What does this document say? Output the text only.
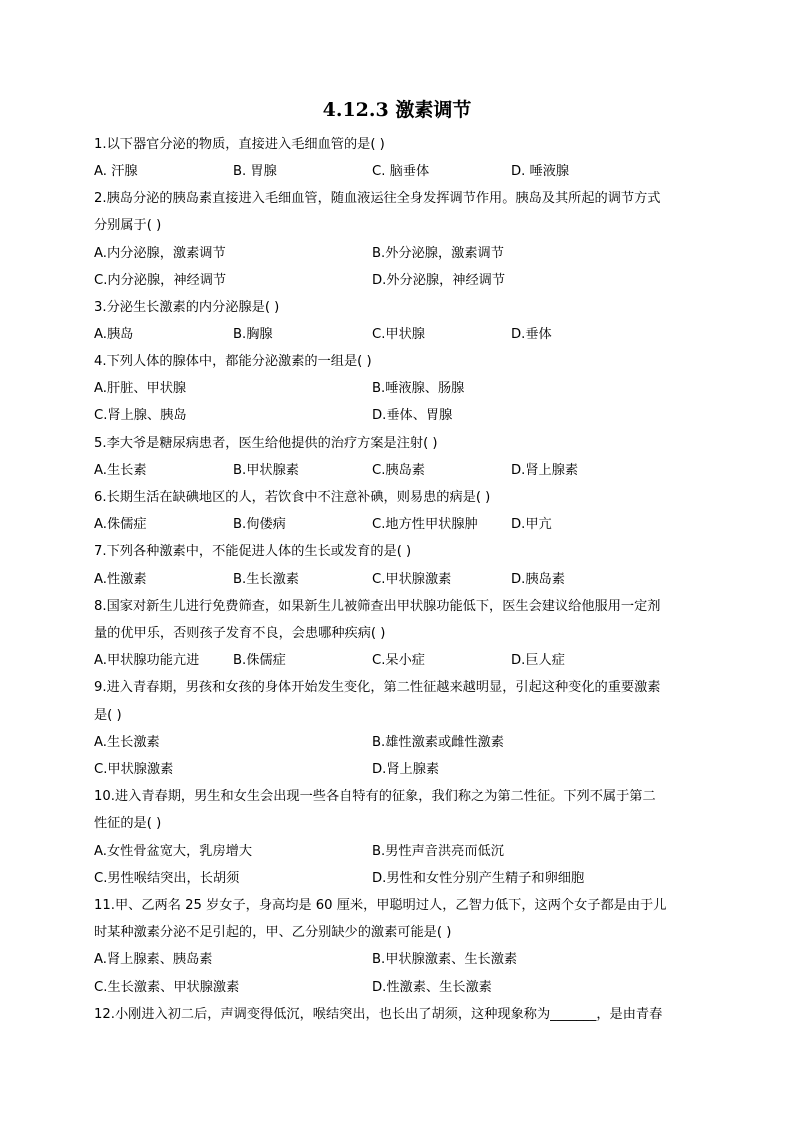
4.12.3 激素调节
1.以下器官分泌的物质，直接进入毛细血管的是( )
A. 汗腺	B. 胃腺	C. 脑垂体	D. 唾液腺
2.胰岛分泌的胰岛素直接进入毛细血管，随血液运往全身发挥调节作用。胰岛及其所起的调节方式
分别属于( )
A.内分泌腺，激素调节	B.外分泌腺，激素调节
C.内分泌腺，神经调节	D.外分泌腺，神经调节
3.分泌生长激素的内分泌腺是( )
A.胰岛	B.胸腺	C.甲状腺	D.垂体
4.下列人体的腺体中，都能分泌激素的一组是( )
A.肝脏、甲状腺	B.唾液腺、肠腺
C.肾上腺、胰岛	D.垂体、胃腺
5.李大爷是糖尿病患者，医生给他提供的治疗方案是注射( )
A.生长素	B.甲状腺素	C.胰岛素	D.肾上腺素
6.长期生活在缺碘地区的人，若饮食中不注意补碘，则易患的病是( )
A.侏儒症	B.佝偻病	C.地方性甲状腺肿	D.甲亢
7.下列各种激素中，不能促进人体的生长或发育的是( )
A.性激素	B.生长激素	C.甲状腺激素	D.胰岛素
8.国家对新生儿进行免费筛查，如果新生儿被筛查出甲状腺功能低下，医生会建议给他服用一定剂
量的优甲乐，否则孩子发育不良，会患哪种疾病( )
A.甲状腺功能亢进	B.侏儒症	C.呆小症	D.巨人症
9.进入青春期，男孩和女孩的身体开始发生变化，第二性征越来越明显，引起这种变化的重要激素
是( )
A.生长激素	B.雄性激素或雌性激素
C.甲状腺激素	D.肾上腺素
10.进入青春期，男生和女生会出现一些各自特有的征象，我们称之为第二性征。下列不属于第二
性征的是( )
A.女性骨盆宽大，乳房增大	B.男性声音洪亮而低沉
C.男性喉结突出，长胡须	D.男性和女性分别产生精子和卵细胞
11.甲、乙两名 25 岁女子，身高均是 60 厘米，甲聪明过人，乙智力低下，这两个女子都是由于儿
时某种激素分泌不足引起的，甲、乙分别缺少的激素可能是( )
A.肾上腺素、胰岛素	B.甲状腺激素、生长激素
C.生长激素、甲状腺激素	D.性激素、生长激素
12.小刚进入初二后，声调变得低沉，喉结突出，也长出了胡须，这种现象称为_______，是由青春
